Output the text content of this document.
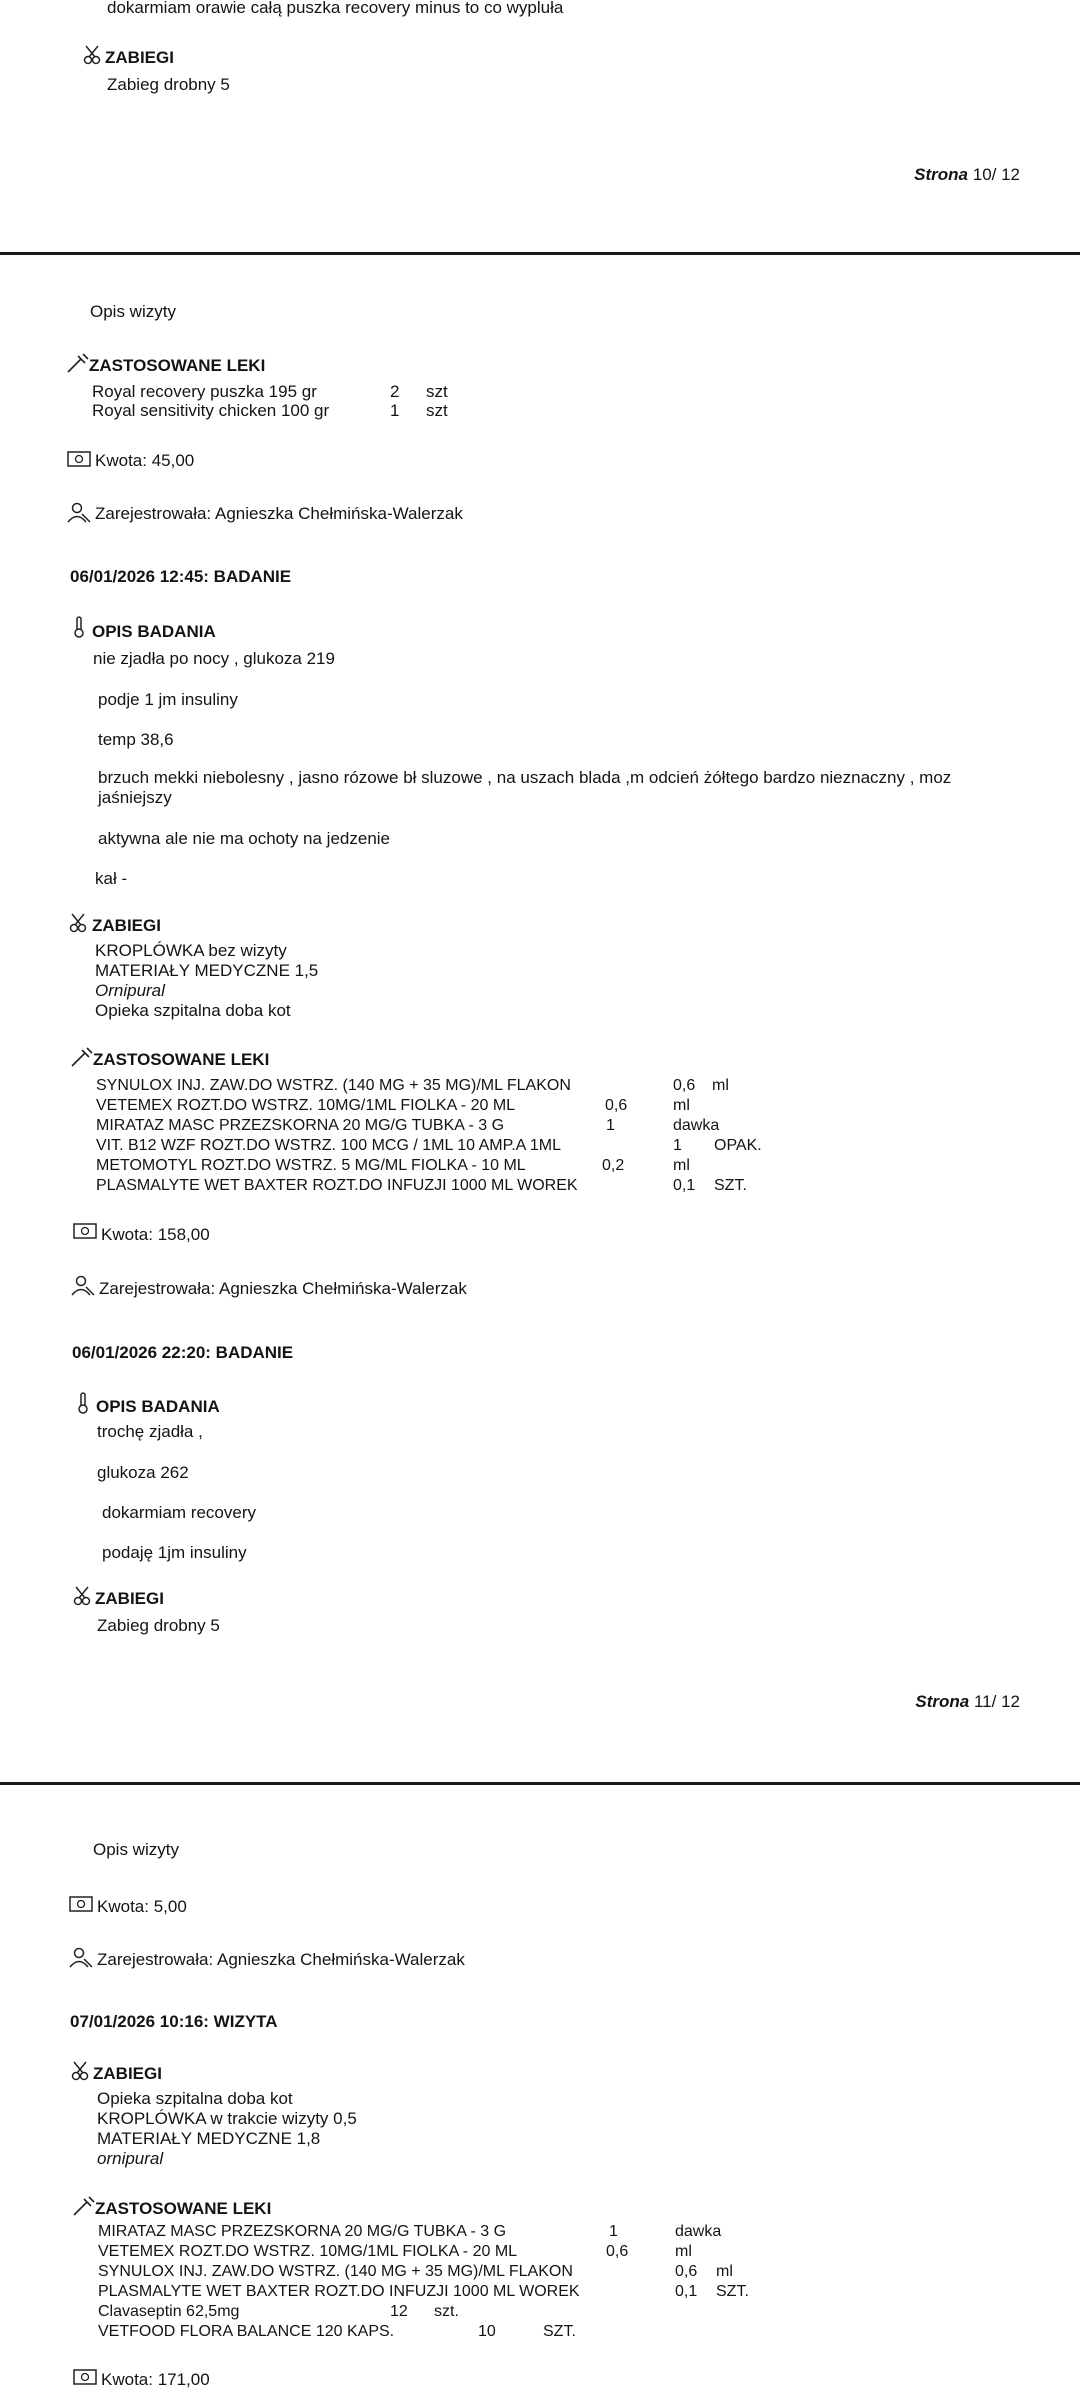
dokarmiam orawie całą puszka recovery minus to co wypluła
ZABIEGI
Zabieg drobny 5
Strona 10/ 12
Opis wizyty
ZASTOSOWANE LEKI
Royal recovery puszka 195 gr	2 szt
Royal sensitivity chicken 100 gr	1 szt
Kwota: 45,00
Zarejestrowała: Agnieszka Chełmińska-Walerzak
06/01/2026 12:45: BADANIE
OPIS BADANIA
nie zjadła po nocy , glukoza 219
podje 1 jm insuliny
temp 38,6
brzuch mekki niebolesny , jasno rózowe bł sluzowe , na uszach blada ,m odcień żółtego bardzo nieznaczny , moz
jaśniejszy
aktywna ale nie ma ochoty na jedzenie
kał -
ZABIEGI
KROPLÓWKA bez wizyty
MATERIAŁY MEDYCZNE 1,5
Ornipural
Opieka szpitalna doba kot
ZASTOSOWANE LEKI
SYNULOX INJ. ZAW.DO WSTRZ. (140 MG + 35 MG)/ML FLAKON	0,6 ml
VETEMEX ROZT.DO WSTRZ. 10MG/1ML FIOLKA - 20 ML	0,6	ml
MIRATAZ MASC PRZEZSKORNA 20 MG/G TUBKA - 3 G	1	dawka
VIT. B12 WZF ROZT.DO WSTRZ. 100 MCG / 1ML 10 AMP.A 1ML	1 OPAK.
METOMOTYL ROZT.DO WSTRZ. 5 MG/ML FIOLKA - 10 ML	0,2	ml
PLASMALYTE WET BAXTER ROZT.DO INFUZJI 1000 ML WOREK	0,1 SZT.
Kwota: 158,00
Zarejestrowała: Agnieszka Chełmińska-Walerzak
06/01/2026 22:20: BADANIE
OPIS BADANIA
trochę zjadła ,
glukoza 262
dokarmiam recovery
podaję 1jm insuliny
ZABIEGI
Zabieg drobny 5
Strona 11/ 12
Opis wizyty
Kwota: 5,00
Zarejestrowała: Agnieszka Chełmińska-Walerzak
07/01/2026 10:16: WIZYTA
ZABIEGI
Opieka szpitalna doba kot
KROPLÓWKA w trakcie wizyty 0,5
MATERIAŁY MEDYCZNE 1,8
ornipural
ZASTOSOWANE LEKI
MIRATAZ MASC PRZEZSKORNA 20 MG/G TUBKA - 3 G	1	dawka
VETEMEX ROZT.DO WSTRZ. 10MG/1ML FIOLKA - 20 ML	0,6	ml
SYNULOX INJ. ZAW.DO WSTRZ. (140 MG + 35 MG)/ML FLAKON	0,6 ml
PLASMALYTE WET BAXTER ROZT.DO INFUZJI 1000 ML WOREK	0,1 SZT.
Clavaseptin 62,5mg	12 szt.
VETFOOD FLORA BALANCE 120 KAPS.	10	SZT.
Kwota: 171,00
